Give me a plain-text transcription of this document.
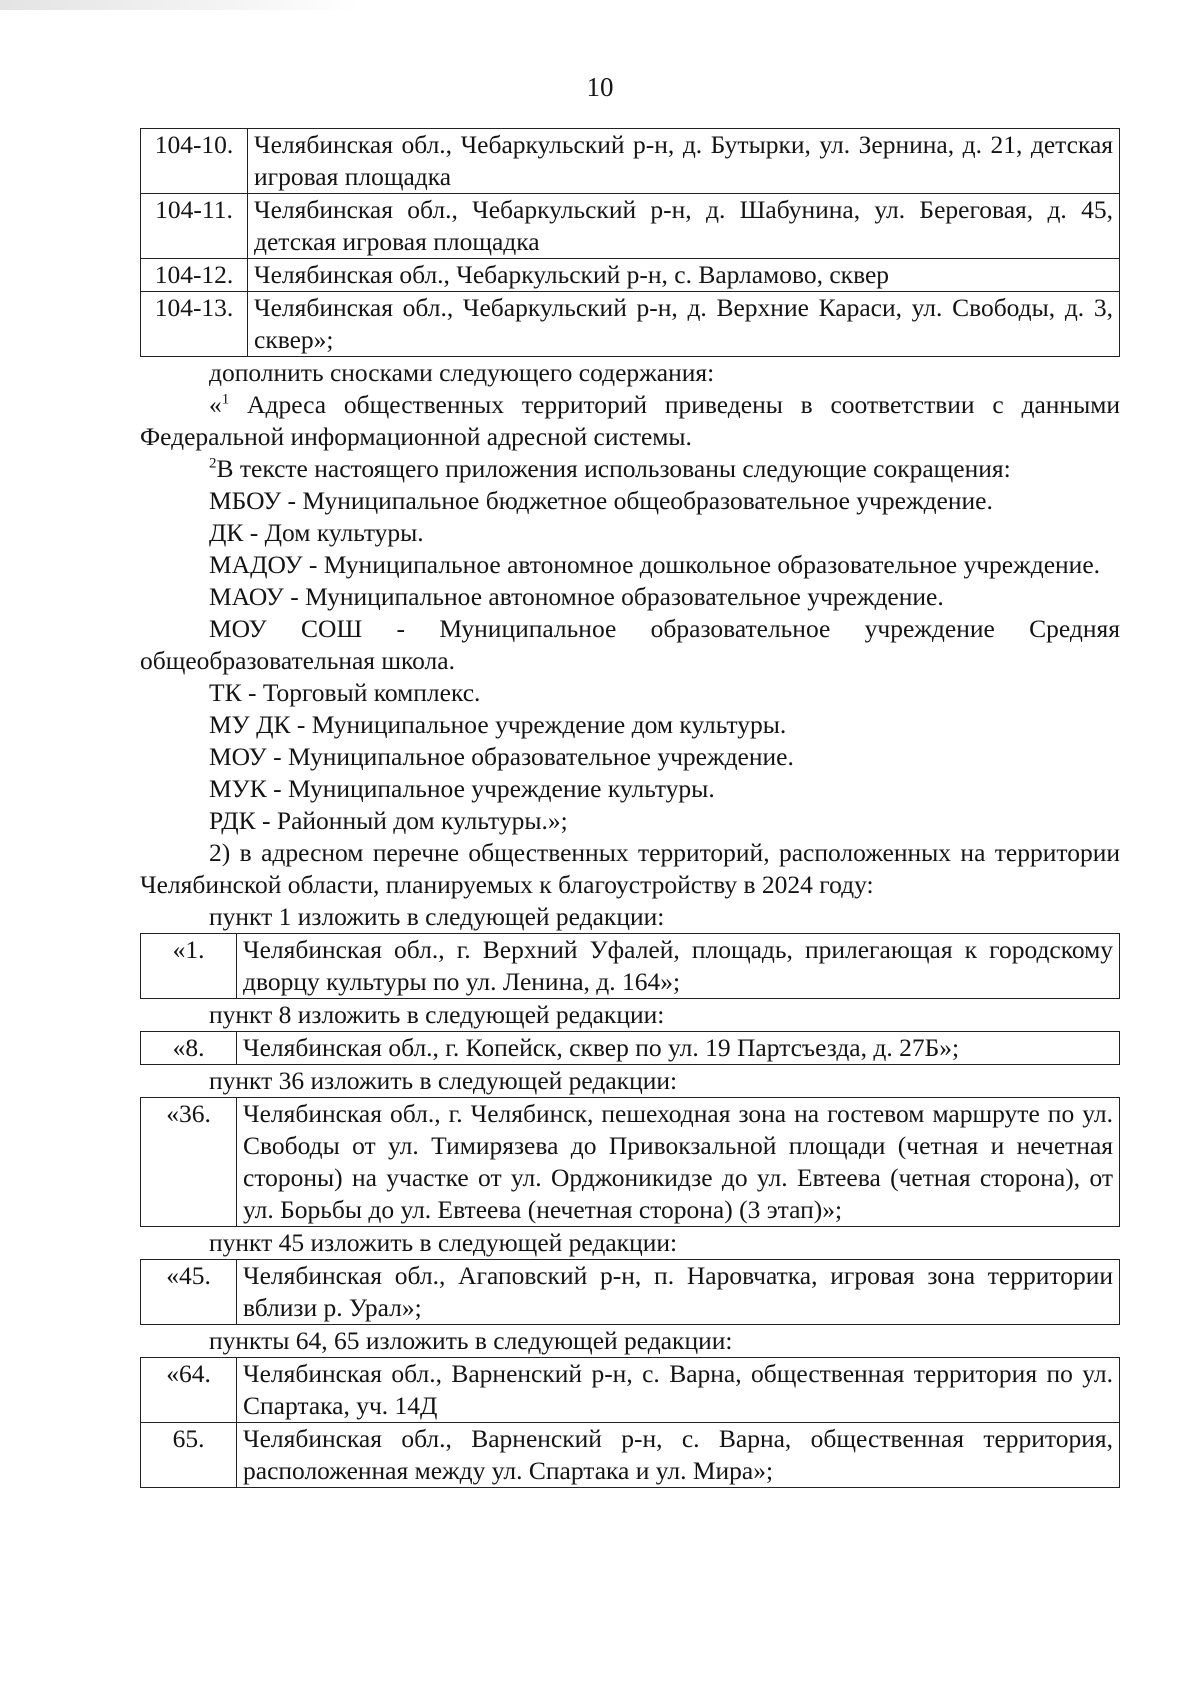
10
104-10.	Челябинская обл., Чебаркульский р-н, д. Бутырки, ул. Зернина, д. 21, детская игровая площадка
104-11.	Челябинская обл., Чебаркульский р-н, д. Шабунина, ул. Береговая, д. 45, детская игровая площадка
104-12.	Челябинская обл., Чебаркульский р-н, с. Варламово, сквер
104-13.	Челябинская обл., Чебаркульский р-н, д. Верхние Караси, ул. Свободы, д. 3, сквер»;

дополнить сносками следующего содержания:

«$^1$ Адреса общественных территорий приведены в соответствии с данными Федеральной информационной адресной системы.

$^2$В тексте настоящего приложения использованы следующие сокращения:

МБОУ - Муниципальное бюджетное общеобразовательное учреждение.

ДК - Дом культуры.

МАДОУ - Муниципальное автономное дошкольное образовательное учреждение.

МАОУ - Муниципальное автономное образовательное учреждение.

МОУ СОШ - Муниципальное образовательное учреждение Средняя общеобразовательная школа.

ТК - Торговый комплекс.

МУ ДК - Муниципальное учреждение дом культуры.

МОУ - Муниципальное образовательное учреждение.

МУК - Муниципальное учреждение культуры.

РДК - Районный дом культуры.»;

2) в адресном перечне общественных территорий, расположенных на территории Челябинской области, планируемых к благоустройству в 2024 году:

пункт 1 изложить в следующей редакции:

«1.	Челябинская обл., г. Верхний Уфалей, площадь, прилегающая к городскому дворцу культуры по ул. Ленина, д. 164»;

пункт 8 изложить в следующей редакции:

«8.	Челябинская обл., г. Копейск, сквер по ул. 19 Партсъезда, д. 27Б»;

пункт 36 изложить в следующей редакции:

«36.	Челябинская обл., г. Челябинск, пешеходная зона на гостевом маршруте по ул. Свободы от ул. Тимирязева до Привокзальной площади (четная и нечетная стороны) на участке от ул. Орджоникидзе до ул. Евтеева (четная сторона), от ул. Борьбы до ул. Евтеева (нечетная сторона) (3 этап)»;

пункт 45 изложить в следующей редакции:

«45.	Челябинская обл., Агаповский р-н, п. Наровчатка, игровая зона территории вблизи р. Урал»;

пункты 64, 65 изложить в следующей редакции:

«64.	Челябинская обл., Варненский р-н, с. Варна, общественная территория по ул. Спартака, уч. 14Д
65.	Челябинская обл., Варненский р-н, с. Варна, общественная территория, расположенная между ул. Спартака и ул. Мира»;
